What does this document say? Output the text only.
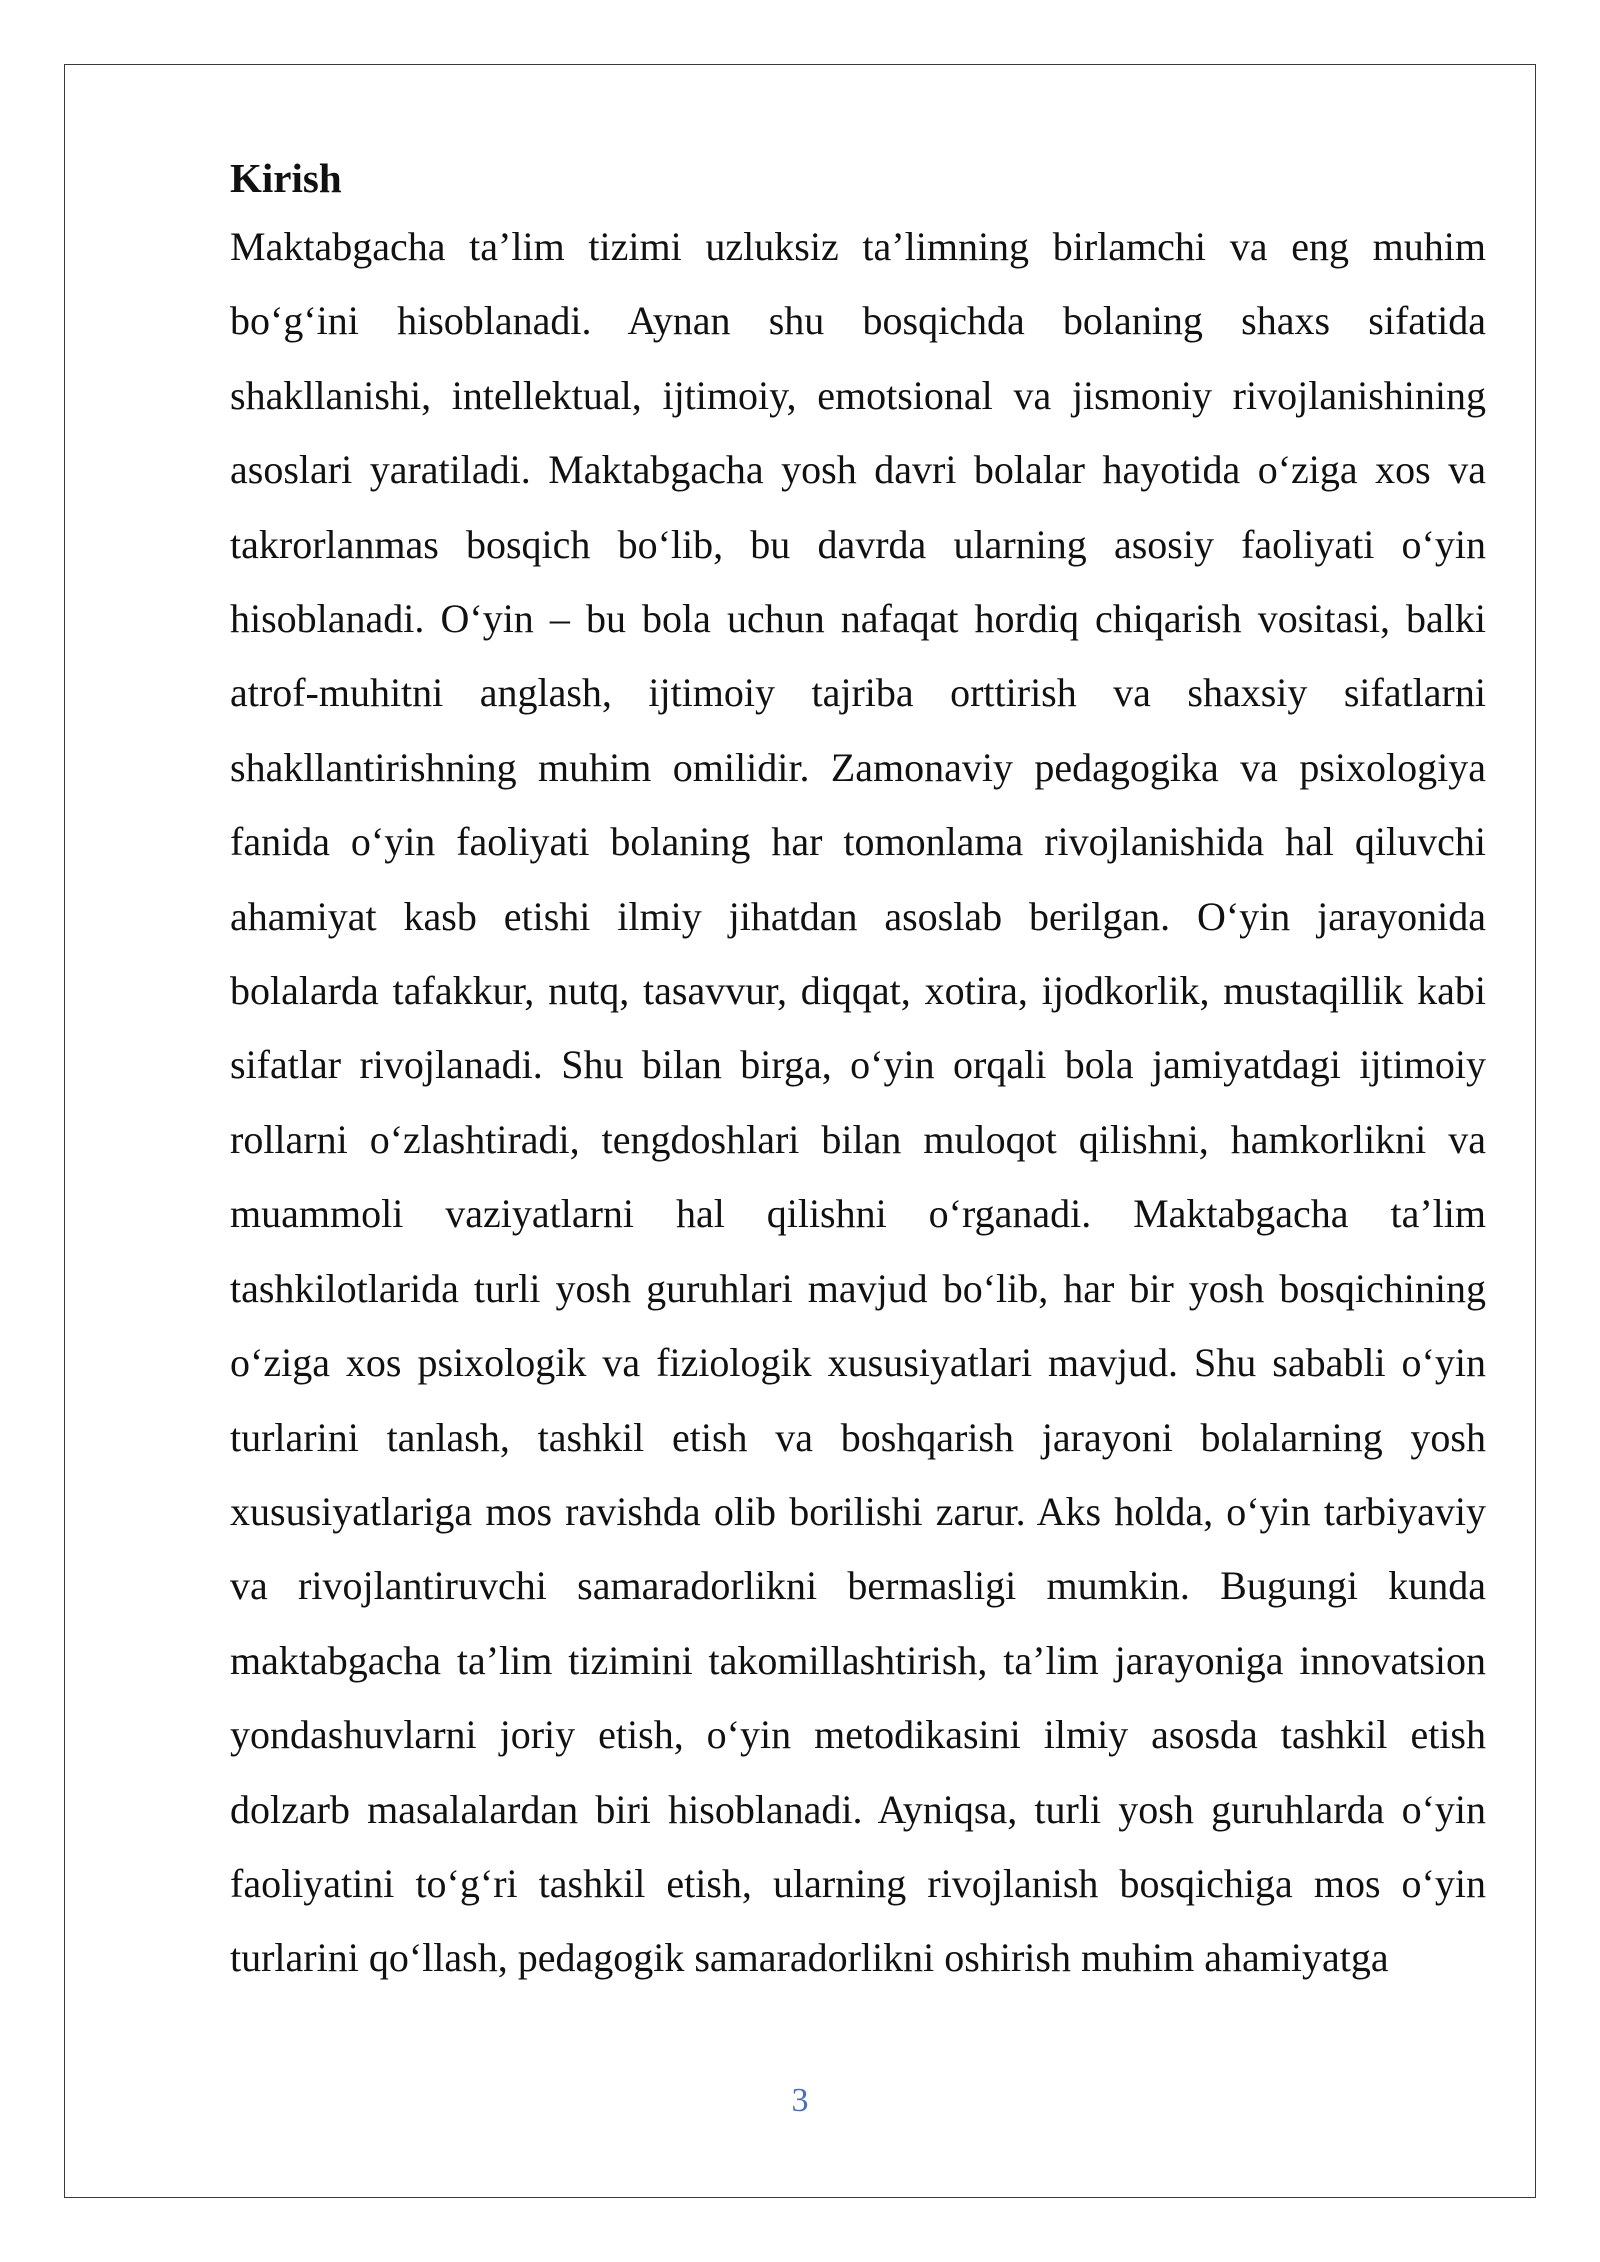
Kirish

Maktabgacha ta’lim tizimi uzluksiz ta’limning birlamchi va eng muhim bo‘g‘ini hisoblanadi. Aynan shu bosqichda bolaning shaxs sifatida shakllanishi, intellektual, ijtimoiy, emotsional va jismoniy rivojlanishining asoslari yaratiladi. Maktabgacha yosh davri bolalar hayotida o‘ziga xos va takrorlanmas bosqich bo‘lib, bu davrda ularning asosiy faoliyati o‘yin hisoblanadi. O‘yin – bu bola uchun nafaqat hordiq chiqarish vositasi, balki atrof-muhitni anglash, ijtimoiy tajriba orttirish va shaxsiy sifatlarni shakllantirishning muhim omilidir. Zamonaviy pedagogika va psixologiya fanida o‘yin faoliyati bolaning har tomonlama rivojlanishida hal qiluvchi ahamiyat kasb etishi ilmiy jihatdan asoslab berilgan. O‘yin jarayonida bolalarda tafakkur, nutq, tasavvur, diqqat, xotira, ijodkorlik, mustaqillik kabi sifatlar rivojlanadi. Shu bilan birga, o‘yin orqali bola jamiyatdagi ijtimoiy rollarni o‘zlashtiradi, tengdoshlari bilan muloqot qilishni, hamkorlikni va muammoli vaziyatlarni hal qilishni o‘rganadi. Maktabgacha ta’lim tashkilotlarida turli yosh guruhlari mavjud bo‘lib, har bir yosh bosqichining o‘ziga xos psixologik va fiziologik xususiyatlari mavjud. Shu sababli o‘yin turlarini tanlash, tashkil etish va boshqarish jarayoni bolalarning yosh xususiyatlariga mos ravishda olib borilishi zarur. Aks holda, o‘yin tarbiyaviy va rivojlantiruvchi samaradorlikni bermasligi mumkin. Bugungi kunda maktabgacha ta’lim tizimini takomillashtirish, ta’lim jarayoniga innovatsion yondashuvlarni joriy etish, o‘yin metodikasini ilmiy asosda tashkil etish dolzarb masalalardan biri hisoblanadi. Ayniqsa, turli yosh guruhlarda o‘yin faoliyatini to‘g‘ri tashkil etish, ularning rivojlanish bosqichiga mos o‘yin turlarini qo‘llash, pedagogik samaradorlikni oshirish muhim ahamiyatga

3
